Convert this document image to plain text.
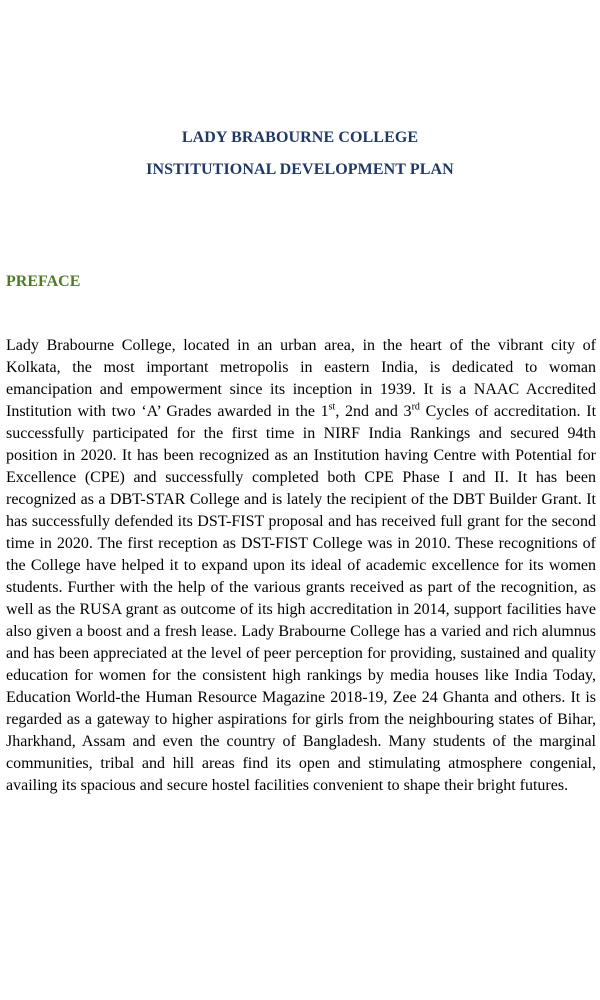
LADY BRABOURNE COLLEGE

INSTITUTIONAL DEVELOPMENT PLAN

PREFACE

Lady Brabourne College, located in an urban area, in the heart of the vibrant city of Kolkata, the most important metropolis in eastern India, is dedicated to woman emancipation and empowerment since its inception in 1939. It is a NAAC Accredited Institution with two ‘A’ Grades awarded in the 1st, 2nd and 3rd Cycles of accreditation. It successfully participated for the first time in NIRF India Rankings and secured 94th position in 2020. It has been recognized as an Institution having Centre with Potential for Excellence (CPE) and successfully completed both CPE Phase I and II. It has been recognized as a DBT-STAR College and is lately the recipient of the DBT Builder Grant. It has successfully defended its DST-FIST proposal and has received full grant for the second time in 2020. The first reception as DST-FIST College was in 2010. These recognitions of the College have helped it to expand upon its ideal of academic excellence for its women students. Further with the help of the various grants received as part of the recognition, as well as the RUSA grant as outcome of its high accreditation in 2014, support facilities have also given a boost and a fresh lease. Lady Brabourne College has a varied and rich alumnus and has been appreciated at the level of peer perception for providing, sustained and quality education for women for the consistent high rankings by media houses like India Today, Education World-the Human Resource Magazine 2018-19, Zee 24 Ghanta and others. It is regarded as a gateway to higher aspirations for girls from the neighbouring states of Bihar, Jharkhand, Assam and even the country of Bangladesh. Many students of the marginal communities, tribal and hill areas find its open and stimulating atmosphere congenial, availing its spacious and secure hostel facilities convenient to shape their bright futures.
